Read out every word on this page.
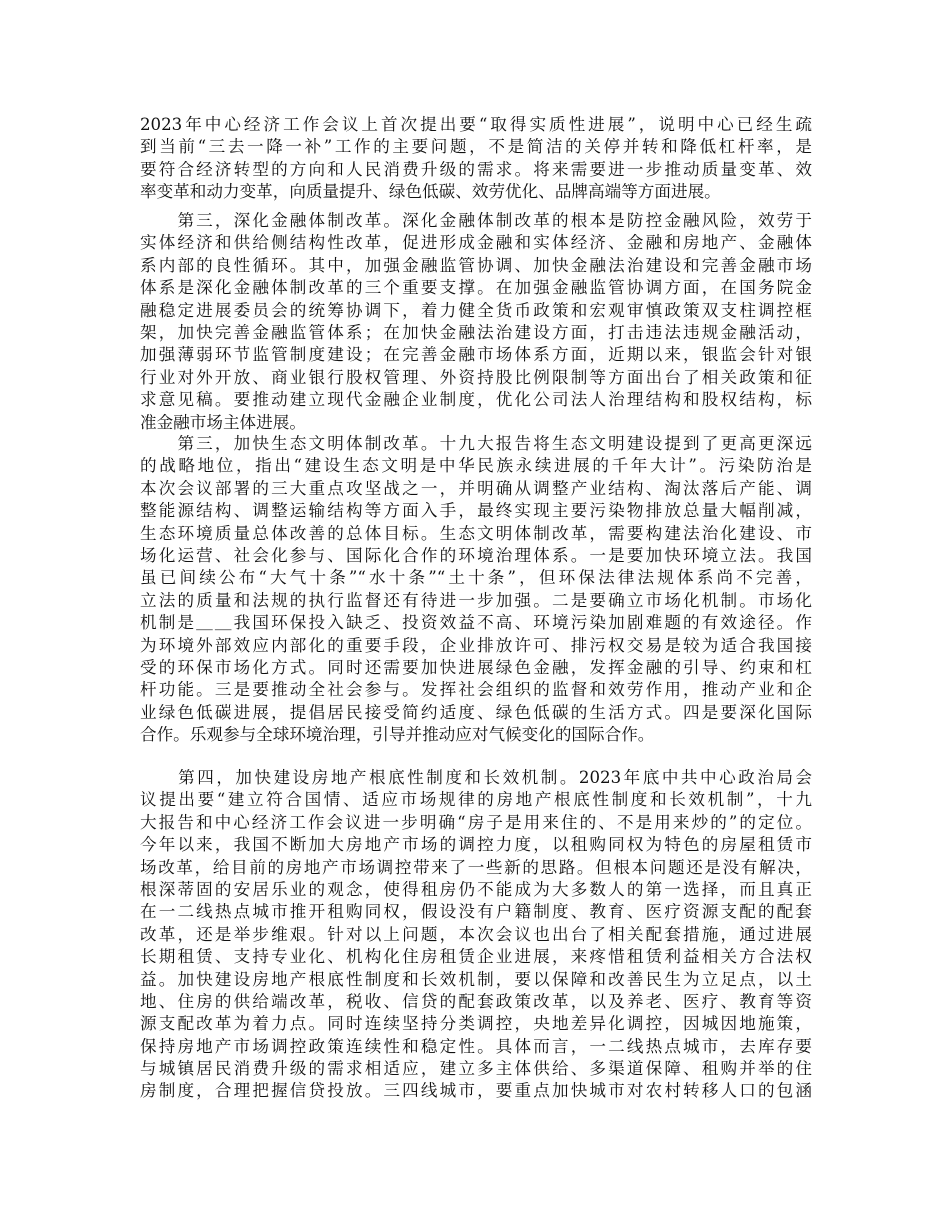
2023年中心经济工作会议上首次提出要“取得实质性进展”，说明中心已经生疏
到当前“三去一降一补”工作的主要问题，不是简洁的关停并转和降低杠杆率，是
要符合经济转型的方向和人民消费升级的需求。将来需要进一步推动质量变革、效
率变革和动力变革，向质量提升、绿色低碳、效劳优化、品牌高端等方面进展。
　　第三，深化金融体制改革。深化金融体制改革的根本是防控金融风险，效劳于
实体经济和供给侧结构性改革，促进形成金融和实体经济、金融和房地产、金融体
系内部的良性循环。其中，加强金融监管协调、加快金融法治建设和完善金融市场
体系是深化金融体制改革的三个重要支撑。在加强金融监管协调方面，在国务院金
融稳定进展委员会的统筹协调下，着力健全货币政策和宏观审慎政策双支柱调控框
架，加快完善金融监管体系；在加快金融法治建设方面，打击违法违规金融活动，
加强薄弱环节监管制度建设；在完善金融市场体系方面，近期以来，银监会针对银
行业对外开放、商业银行股权管理、外资持股比例限制等方面出台了相关政策和征
求意见稿。要推动建立现代金融企业制度，优化公司法人治理结构和股权结构，标
准金融市场主体进展。
　　第三，加快生态文明体制改革。十九大报告将生态文明建设提到了更高更深远
的战略地位，指出“建设生态文明是中华民族永续进展的千年大计”。污染防治是
本次会议部署的三大重点攻坚战之一，并明确从调整产业结构、淘汰落后产能、调
整能源结构、调整运输结构等方面入手，最终实现主要污染物排放总量大幅削减，
生态环境质量总体改善的总体目标。生态文明体制改革，需要构建法治化建设、市
场化运营、社会化参与、国际化合作的环境治理体系。一是要加快环境立法。我国
虽已间续公布“大气十条”“水十条”“土十条”，但环保法律法规体系尚不完善，
立法的质量和法规的执行监督还有待进一步加强。二是要确立市场化机制。市场化
机制是＿＿我国环保投入缺乏、投资效益不高、环境污染加剧难题的有效途径。作
为环境外部效应内部化的重要手段，企业排放许可、排污权交易是较为适合我国接
受的环保市场化方式。同时还需要加快进展绿色金融，发挥金融的引导、约束和杠
杆功能。三是要推动全社会参与。发挥社会组织的监督和效劳作用，推动产业和企
业绿色低碳进展，提倡居民接受简约适度、绿色低碳的生活方式。四是要深化国际
合作。乐观参与全球环境治理，引导并推动应对气候变化的国际合作。
　　第四，加快建设房地产根底性制度和长效机制。2023年底中共中心政治局会
议提出要“建立符合国情、适应市场规律的房地产根底性制度和长效机制”，十九
大报告和中心经济工作会议进一步明确“房子是用来住的、不是用来炒的”的定位。
今年以来，我国不断加大房地产市场的调控力度，以租购同权为特色的房屋租赁市
场改革，给目前的房地产市场调控带来了一些新的思路。但根本问题还是没有解决，
根深蒂固的安居乐业的观念，使得租房仍不能成为大多数人的第一选择，而且真正
在一二线热点城市推开租购同权，假设没有户籍制度、教育、医疗资源支配的配套
改革，还是举步维艰。针对以上问题，本次会议也出台了相关配套措施，通过进展
长期租赁、支持专业化、机构化住房租赁企业进展，来疼惜租赁利益相关方合法权
益。加快建设房地产根底性制度和长效机制，要以保障和改善民生为立足点，以土
地、住房的供给端改革，税收、信贷的配套政策改革，以及养老、医疗、教育等资
源支配改革为着力点。同时连续坚持分类调控，央地差异化调控，因城因地施策，
保持房地产市场调控政策连续性和稳定性。具体而言，一二线热点城市，去库存要
与城镇居民消费升级的需求相适应，建立多主体供给、多渠道保障、租购并举的住
房制度，合理把握信贷投放。三四线城市，要重点加快城市对农村转移人口的包涵
